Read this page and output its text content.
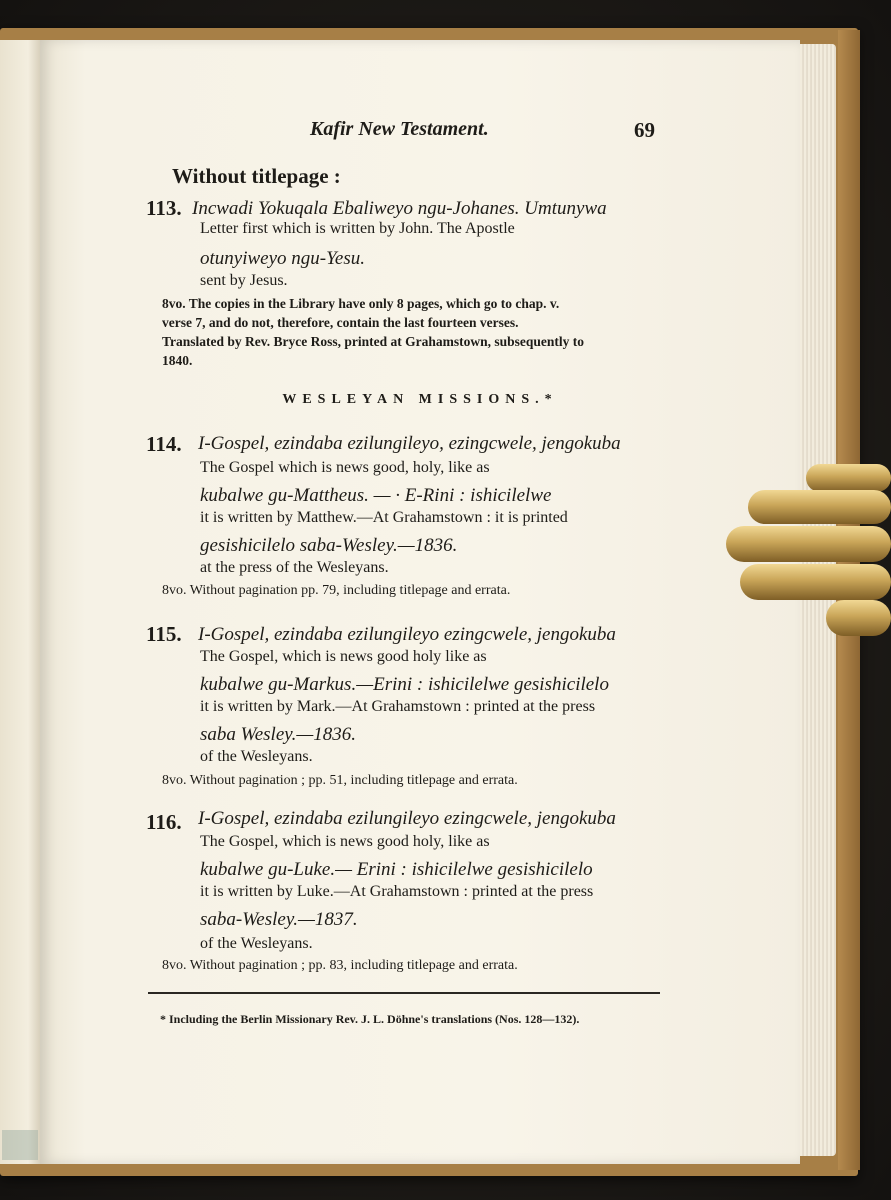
Kafir New Testament.	69
Without titlepage :
113. Incwadi Yokuqala Ebaliweyo ngu-Johanes. Umtunywa
Letter first which is written by John. The Apostle
otunyiweyo ngu-Yesu.
sent by Jesus.
8vo. The copies in the Library have only 8 pages, which go to chap. v.
verse 7, and do not, therefore, contain the last fourteen verses.
Translated by Rev. Bryce Ross, printed at Grahamstown, subsequently to
1840.
WESLEYAN MISSIONS.*
114. I-Gospel, ezindaba ezilungileyo, ezingcwele, jengokuba
The Gospel which is news good, holy, like as
kubalwe gu-Mattheus. — · E-Rini : ishicilelwe
it is written by Matthew.—At Grahamstown : it is printed
gesishicilelo saba-Wesley.—1836.
at the press of the Wesleyans.
8vo. Without pagination pp. 79, including titlepage and errata.
115. I-Gospel, ezindaba ezilungileyo ezingcwele, jengokuba
The Gospel, which is news good holy like as
kubalwe gu-Markus.—Erini : ishicilelwe gesishicilelo
it is written by Mark.—At Grahamstown : printed at the press
saba Wesley.—1836.
of the Wesleyans.
8vo. Without pagination ; pp. 51, including titlepage and errata.
116. I-Gospel, ezindaba ezilungileyo ezingcwele, jengokuba
The Gospel, which is news good holy, like as
kubalwe gu-Luke.— Erini : ishicilelwe gesishicilelo
it is written by Luke.—At Grahamstown : printed at the press
saba-Wesley.—1837.
of the Wesleyans.
8vo. Without pagination ; pp. 83, including titlepage and errata.
* Including the Berlin Missionary Rev. J. L. Döhne's translations (Nos. 128—132).
